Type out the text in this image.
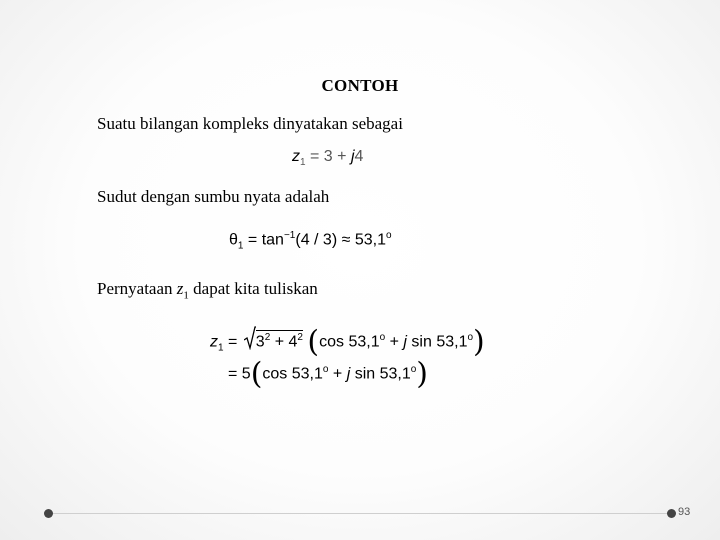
CONTOH
Suatu bilangan kompleks dinyatakan sebagai
$z_1 = 3 + j4$
Sudut dengan sumbu nyata adalah
$\theta_1 = \tan^{-1}(4 / 3) \approx 53,1^o$
Pernyataan $z_1$ dapat kita tuliskan
$z_1$ =
$3^2 + 4^2$ (cos $53,1^o + j$ $\sin 53,1^o$)
= 5(cos $53,1^o + j$ sin 53,1$^o$)
93
